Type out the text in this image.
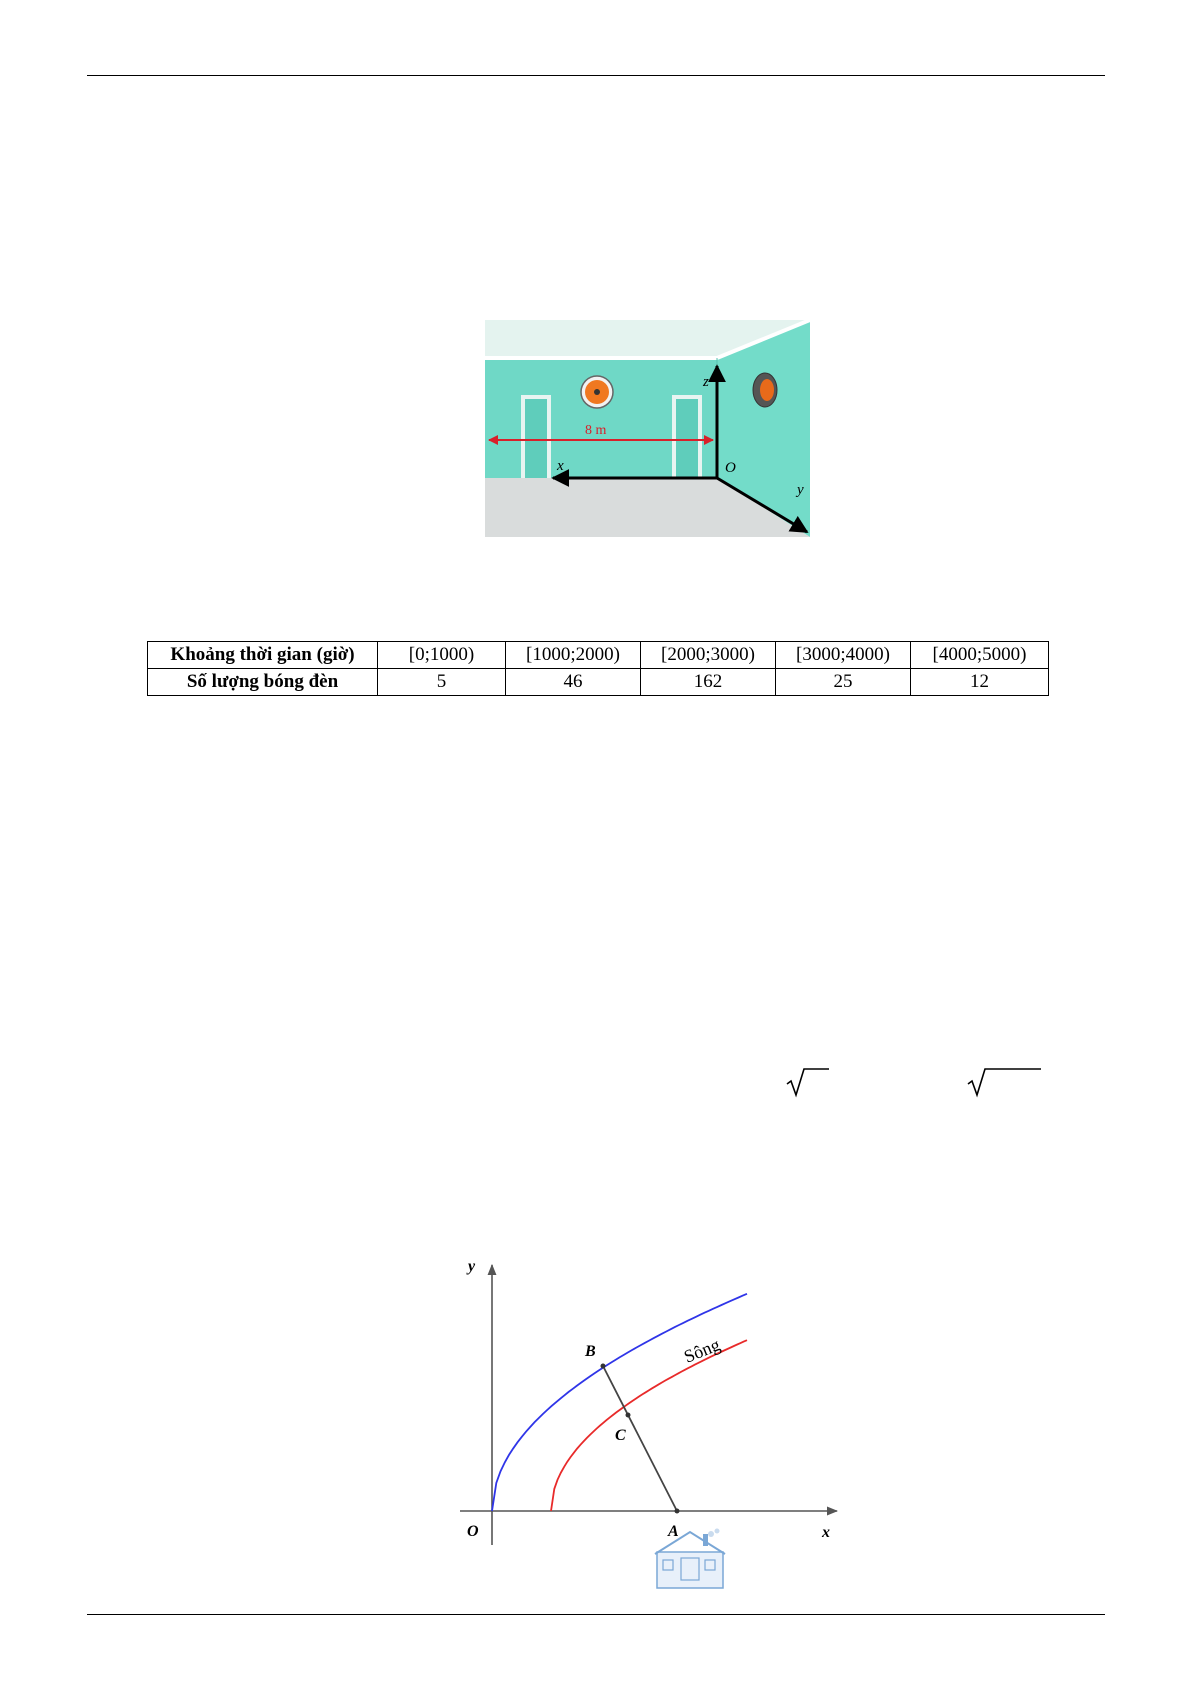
8 m
z
x	O
y
Khoảng thời gian (giờ)	[0;1000)	[1000;2000)	[2000;3000)	[3000;4000)	[4000;5000)
Số lượng bóng đèn	5	46	162	25	12
y
x
O	A
B
C
Sông
